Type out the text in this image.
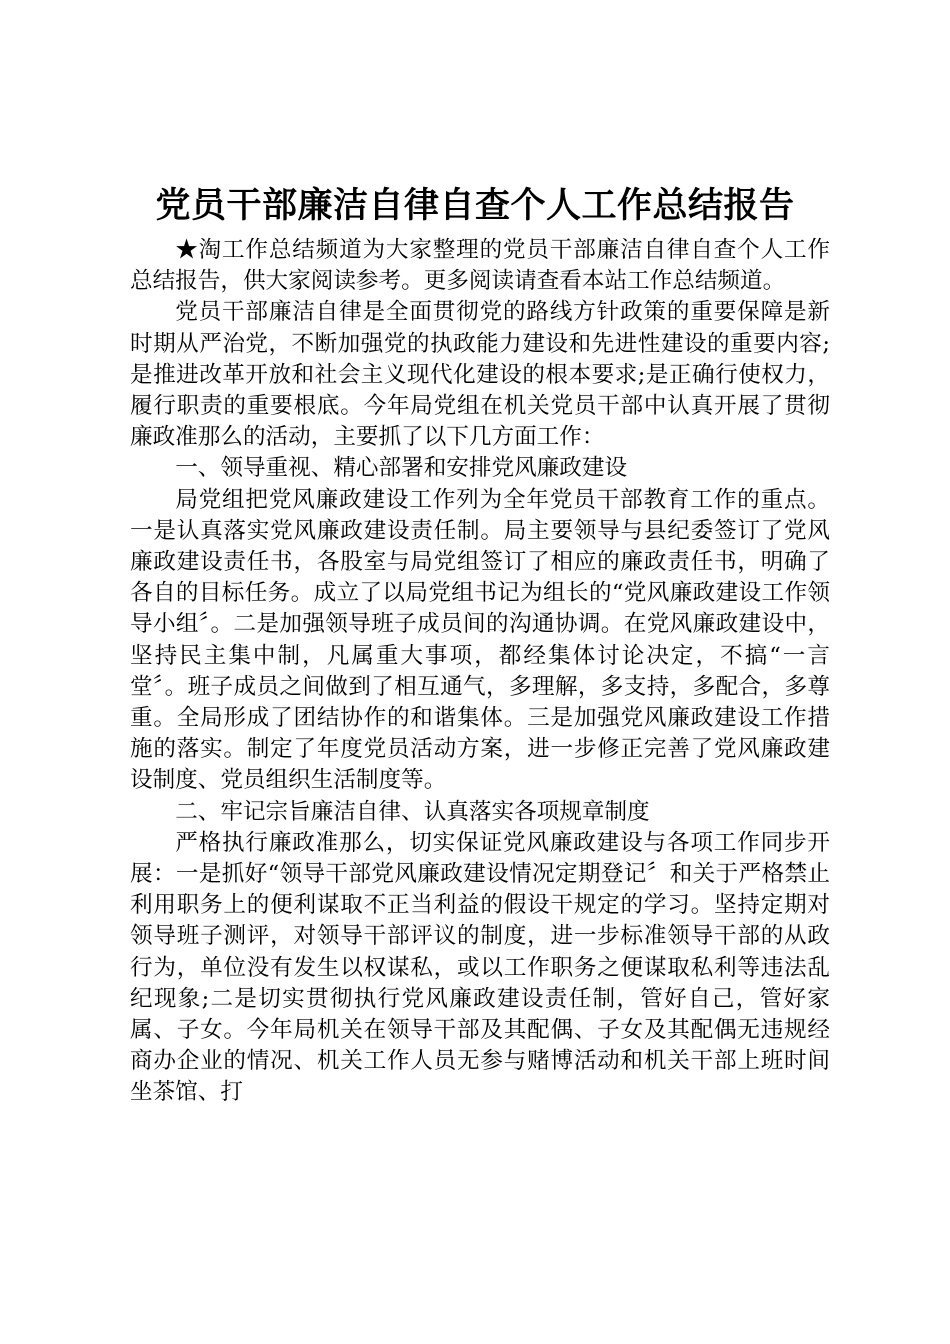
党员干部廉洁自律自查个人工作总结报告

★淘工作总结频道为大家整理的党员干部廉洁自律自查个人工作总结报告，供大家阅读参考。更多阅读请查看本站工作总结频道。

党员干部廉洁自律是全面贯彻党的路线方针政策的重要保障是新时期从严治党，不断加强党的执政能力建设和先进性建设的重要内容;是推进改革开放和社会主义现代化建设的根本要求;是正确行使权力，履行职责的重要根底。今年局党组在机关党员干部中认真开展了贯彻廉政准那么的活动，主要抓了以下几方面工作：

一、领导重视、精心部署和安排党风廉政建设

局党组把党风廉政建设工作列为全年党员干部教育工作的重点。一是认真落实党风廉政建设责任制。局主要领导与县纪委签订了党风廉政建设责任书，各股室与局党组签订了相应的廉政责任书，明确了各自的目标任务。成立了以局党组书记为组长的“党风廉政建设工作领导小组〞。二是加强领导班子成员间的沟通协调。在党风廉政建设中，坚持民主集中制，凡属重大事项，都经集体讨论决定，不搞“一言堂〞。班子成员之间做到了相互通气，多理解，多支持，多配合，多尊重。全局形成了团结协作的和谐集体。三是加强党风廉政建设工作措施的落实。制定了年度党员活动方案，进一步修正完善了党风廉政建设制度、党员组织生活制度等。

二、牢记宗旨廉洁自律、认真落实各项规章制度

严格执行廉政准那么，切实保证党风廉政建设与各项工作同步开展：一是抓好“领导干部党风廉政建设情况定期登记〞和关于严格禁止利用职务上的便利谋取不正当利益的假设干规定的学习。坚持定期对领导班子测评，对领导干部评议的制度，进一步标准领导干部的从政行为，单位没有发生以权谋私，或以工作职务之便谋取私利等违法乱纪现象;二是切实贯彻执行党风廉政建设责任制，管好自己，管好家属、子女。今年局机关在领导干部及其配偶、子女及其配偶无违规经商办企业的情况、机关工作人员无参与赌博活动和机关干部上班时间坐茶馆、打
